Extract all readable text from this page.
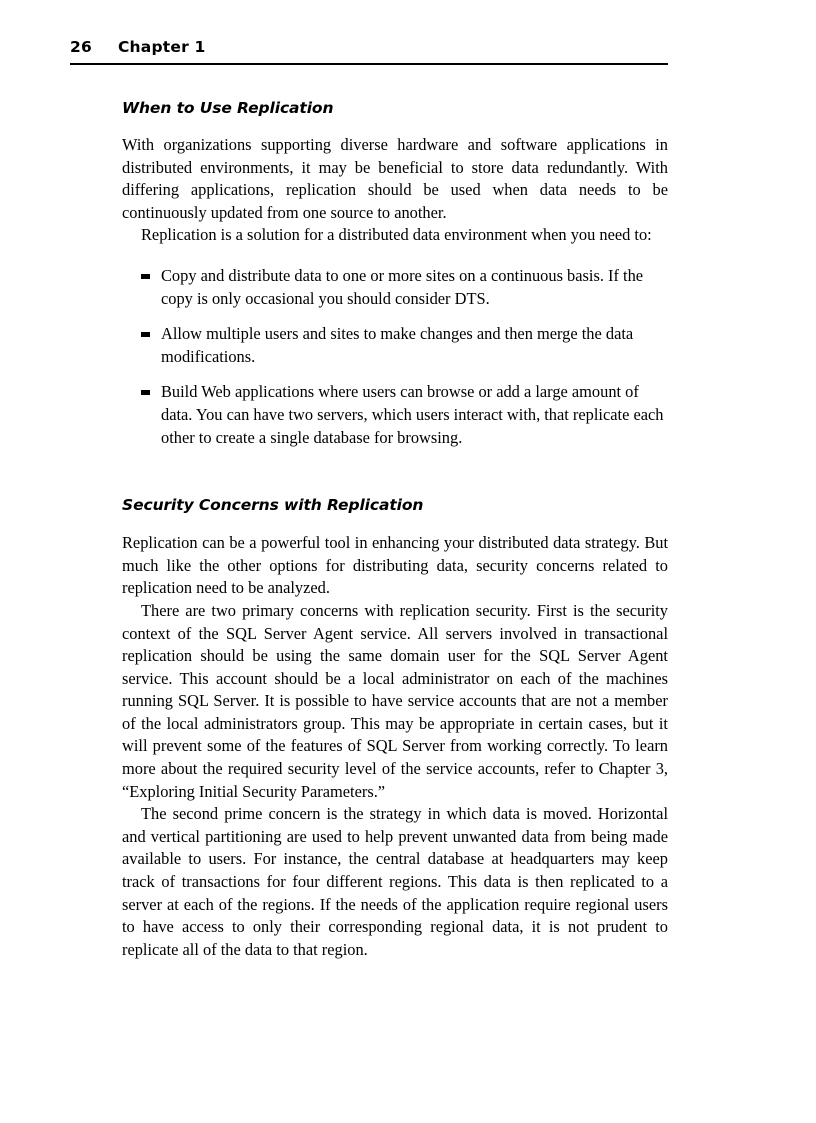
26 Chapter 1
When to Use Replication

With organizations supporting diverse hardware and software applications in distributed environments, it may be beneficial to store data redundantly. With differing applications, replication should be used when data needs to be continuously updated from one source to another.

Replication is a solution for a distributed data environment when you need to:

Copy and distribute data to one or more sites on a continuous basis. If the copy is only occasional you should consider DTS.
Allow multiple users and sites to make changes and then merge the data modifications.
Build Web applications where users can browse or add a large amount of data. You can have two servers, which users interact with, that replicate each other to create a single database for browsing.
Security Concerns with Replication

Replication can be a powerful tool in enhancing your distributed data strategy. But much like the other options for distributing data, security concerns related to replication need to be analyzed.

There are two primary concerns with replication security. First is the security context of the SQL Server Agent service. All servers involved in transactional replication should be using the same domain user for the SQL Server Agent service. This account should be a local administrator on each of the machines running SQL Server. It is possible to have service accounts that are not a member of the local administrators group. This may be appropriate in certain cases, but it will prevent some of the features of SQL Server from working correctly. To learn more about the required security level of the service accounts, refer to Chapter 3, “Exploring Initial Security Parameters.”

The second prime concern is the strategy in which data is moved. Horizontal and vertical partitioning are used to help prevent unwanted data from being made available to users. For instance, the central database at headquarters may keep track of transactions for four different regions. This data is then replicated to a server at each of the regions. If the needs of the application require regional users to have access to only their corresponding regional data, it is not prudent to replicate all of the data to that region.
